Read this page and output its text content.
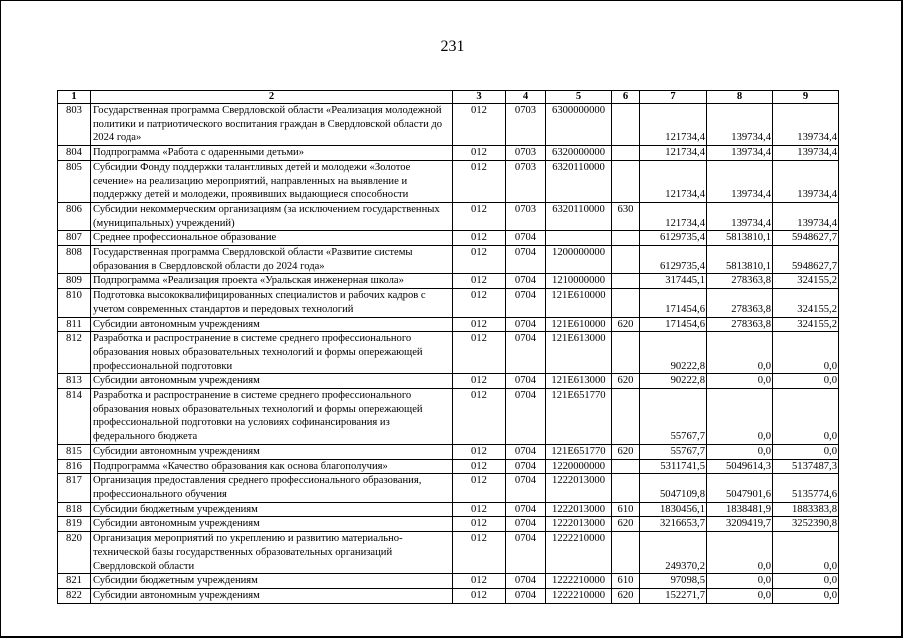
231
1	2	3	4	5	6	7	8	9
803	Государственная программа Свердловской области «Реализация молодежной политики и патриотического воспитания граждан в Свердловской области до 2024 года»	012	0703	6300000000		121734,4	139734,4	139734,4
804	Подпрограмма «Работа с одаренными детьми»	012	0703	6320000000		121734,4	139734,4	139734,4
805	Субсидии Фонду поддержки талантливых детей и молодежи «Золотое сечение» на реализацию мероприятий, направленных на выявление и поддержку детей и молодежи, проявивших выдающиеся способности	012	0703	6320110000		121734,4	139734,4	139734,4
806	Субсидии некоммерческим организациям (за исключением государственных (муниципальных) учреждений)	012	0703	6320110000	630	121734,4	139734,4	139734,4
807	Среднее профессиональное образование	012	0704			6129735,4	5813810,1	5948627,7
808	Государственная программа Свердловской области «Развитие системы образования в Свердловской области до 2024 года»	012	0704	1200000000		6129735,4	5813810,1	5948627,7
809	Подпрограмма «Реализация проекта «Уральская инженерная школа»	012	0704	1210000000		317445,1	278363,8	324155,2
810	Подготовка высококвалифицированных специалистов и рабочих кадров с учетом современных стандартов и передовых технологий	012	0704	121Е610000		171454,6	278363,8	324155,2
811	Субсидии автономным учреждениям	012	0704	121Е610000	620	171454,6	278363,8	324155,2
812	Разработка и распространение в системе среднего профессионального образования новых образовательных технологий и формы опережающей профессиональной подготовки	012	0704	121Е613000		90222,8	0,0	0,0
813	Субсидии автономным учреждениям	012	0704	121Е613000	620	90222,8	0,0	0,0
814	Разработка и распространение в системе среднего профессионального образования новых образовательных технологий и формы опережающей профессиональной подготовки на условиях софинансирования из федерального бюджета	012	0704	121Е651770		55767,7	0,0	0,0
815	Субсидии автономным учреждениям	012	0704	121Е651770	620	55767,7	0,0	0,0
816	Подпрограмма «Качество образования как основа благополучия»	012	0704	1220000000		5311741,5	5049614,3	5137487,3
817	Организация предоставления среднего профессионального образования, профессионального обучения	012	0704	1222013000		5047109,8	5047901,6	5135774,6
818	Субсидии бюджетным учреждениям	012	0704	1222013000	610	1830456,1	1838481,9	1883383,8
819	Субсидии автономным учреждениям	012	0704	1222013000	620	3216653,7	3209419,7	3252390,8
820	Организация мероприятий по укреплению и развитию материально-технической базы государственных образовательных организаций Свердловской области	012	0704	1222210000		249370,2	0,0	0,0
821	Субсидии бюджетным учреждениям	012	0704	1222210000	610	97098,5	0,0	0,0
822	Субсидии автономным учреждениям	012	0704	1222210000	620	152271,7	0,0	0,0
